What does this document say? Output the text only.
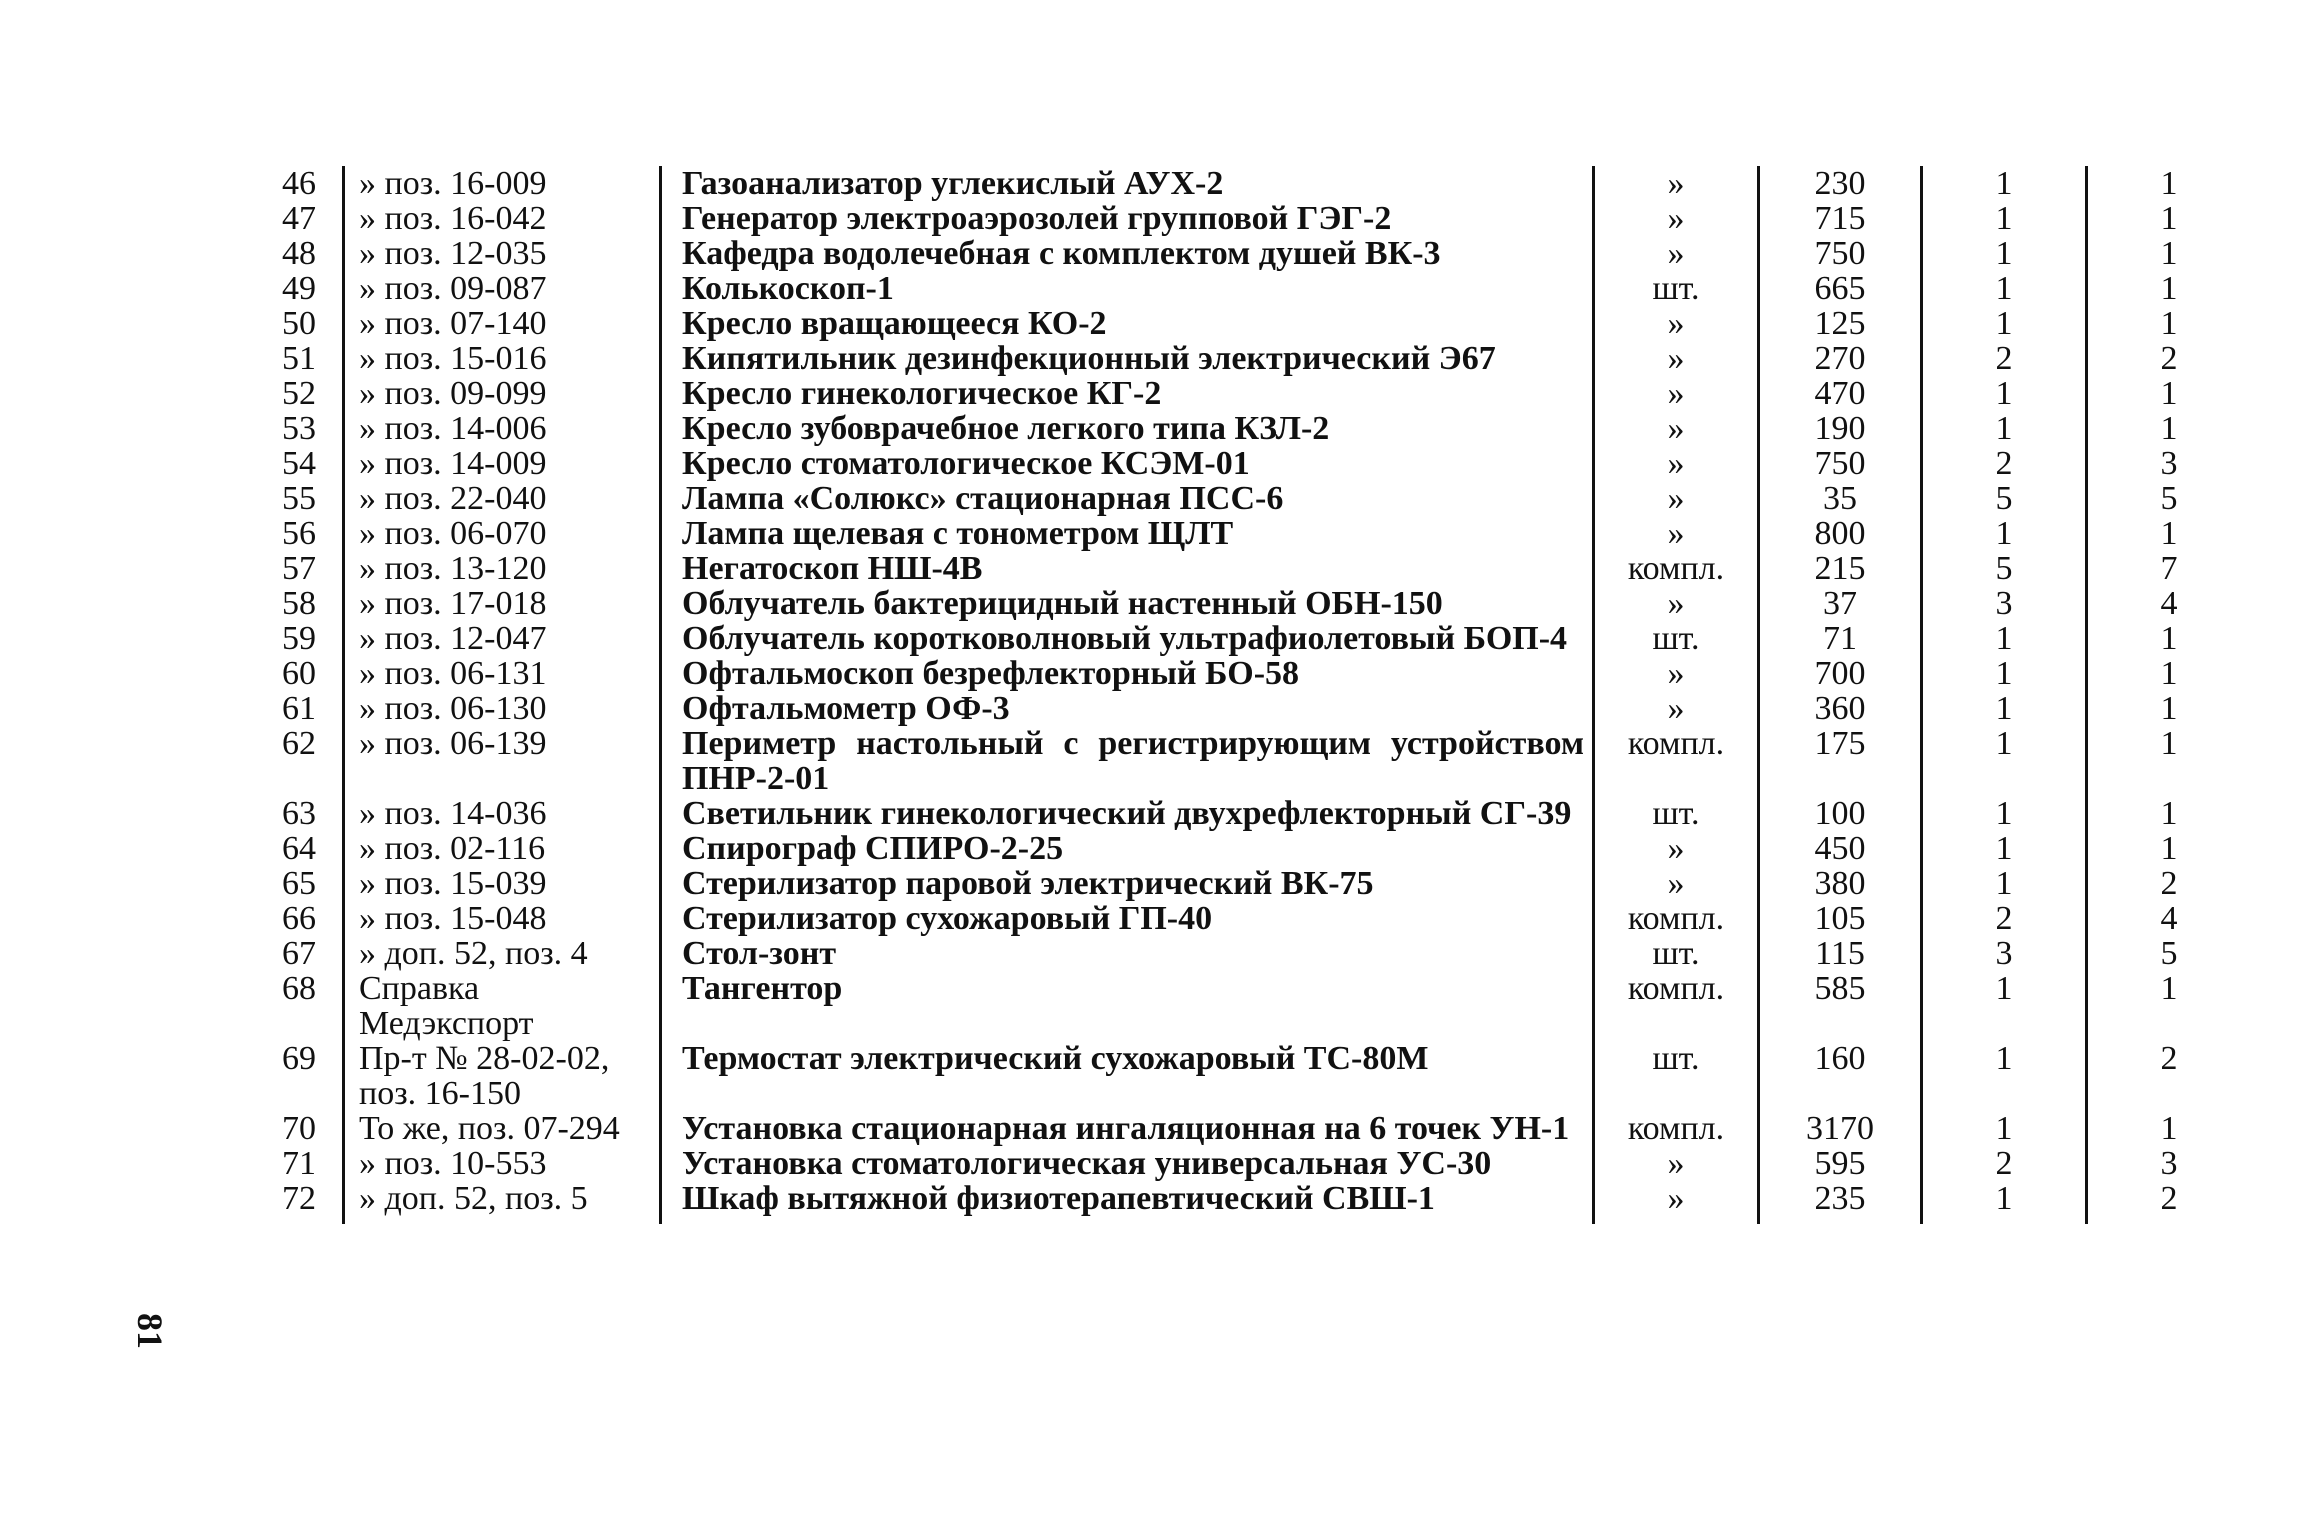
81
46	» поз. 16-009	Газоанализатор углекислый АУХ-2	»	230	1	1
47	» поз. 16-042	Генератор электроаэрозолей групповой ГЭГ-2	»	715	1	1
48	» поз. 12-035	Кафедра водолечебная с комплектом душей ВК-3	»	750	1	1
49	» поз. 09-087	Колькоскоп-1	шт.	665	1	1
50	» поз. 07-140	Кресло вращающееся КО-2	»	125	1	1
51	» поз. 15-016	Кипятильник дезинфекционный электрический Э67	»	270	2	2
52	» поз. 09-099	Кресло гинекологическое КГ-2	»	470	1	1
53	» поз. 14-006	Кресло зубоврачебное легкого типа КЗЛ-2	»	190	1	1
54	» поз. 14-009	Кресло стоматологическое КСЭМ-01	»	750	2	3
55	» поз. 22-040	Лампа «Солюкс» стационарная ПСС-6	»	35	5	5
56	» поз. 06-070	Лампа щелевая с тонометром ЩЛТ	»	800	1	1
57	» поз. 13-120	Негатоскоп НШ-4В	компл.	215	5	7
58	» поз. 17-018	Облучатель бактерицидный настенный ОБН-150	»	37	3	4
59	» поз. 12-047	Облучатель коротковолновый ультрафиолетовый БОП-4	шт.	71	1	1
60	» поз. 06-131	Офтальмоскоп безрефлекторный БО-58	»	700	1	1
61	» поз. 06-130	Офтальмометр ОФ-3	»	360	1	1
62	» поз. 06-139	Периметр настольный с регистрирующим устройством ПНР-2-01	компл.	175	1	1
63	» поз. 14-036	Светильник гинекологический двухрефлекторный СГ-39	шт.	100	1	1
64	» поз. 02-116	Спирограф СПИРО-2-25	»	450	1	1
65	» поз. 15-039	Стерилизатор паровой электрический ВК-75	»	380	1	2
66	» поз. 15-048	Стерилизатор сухожаровый ГП-40	компл.	105	2	4
67	» доп. 52, поз. 4	Стол-зонт	шт.	115	3	5
68	Справка Медэкспорт	Тангентор	компл.	585	1	1
69	Пр-т № 28-02-02, поз. 16-150	Термостат электрический сухожаровый ТС-80М	шт.	160	1	2
70	То же, поз. 07-294	Установка стационарная ингаляционная на 6 точек УН-1	компл.	3170	1	1
71	» поз. 10-553	Установка стоматологическая универсальная УС-30	»	595	2	3
72	» доп. 52, поз. 5	Шкаф вытяжной физиотерапевтический СВШ-1	»	235	1	2
